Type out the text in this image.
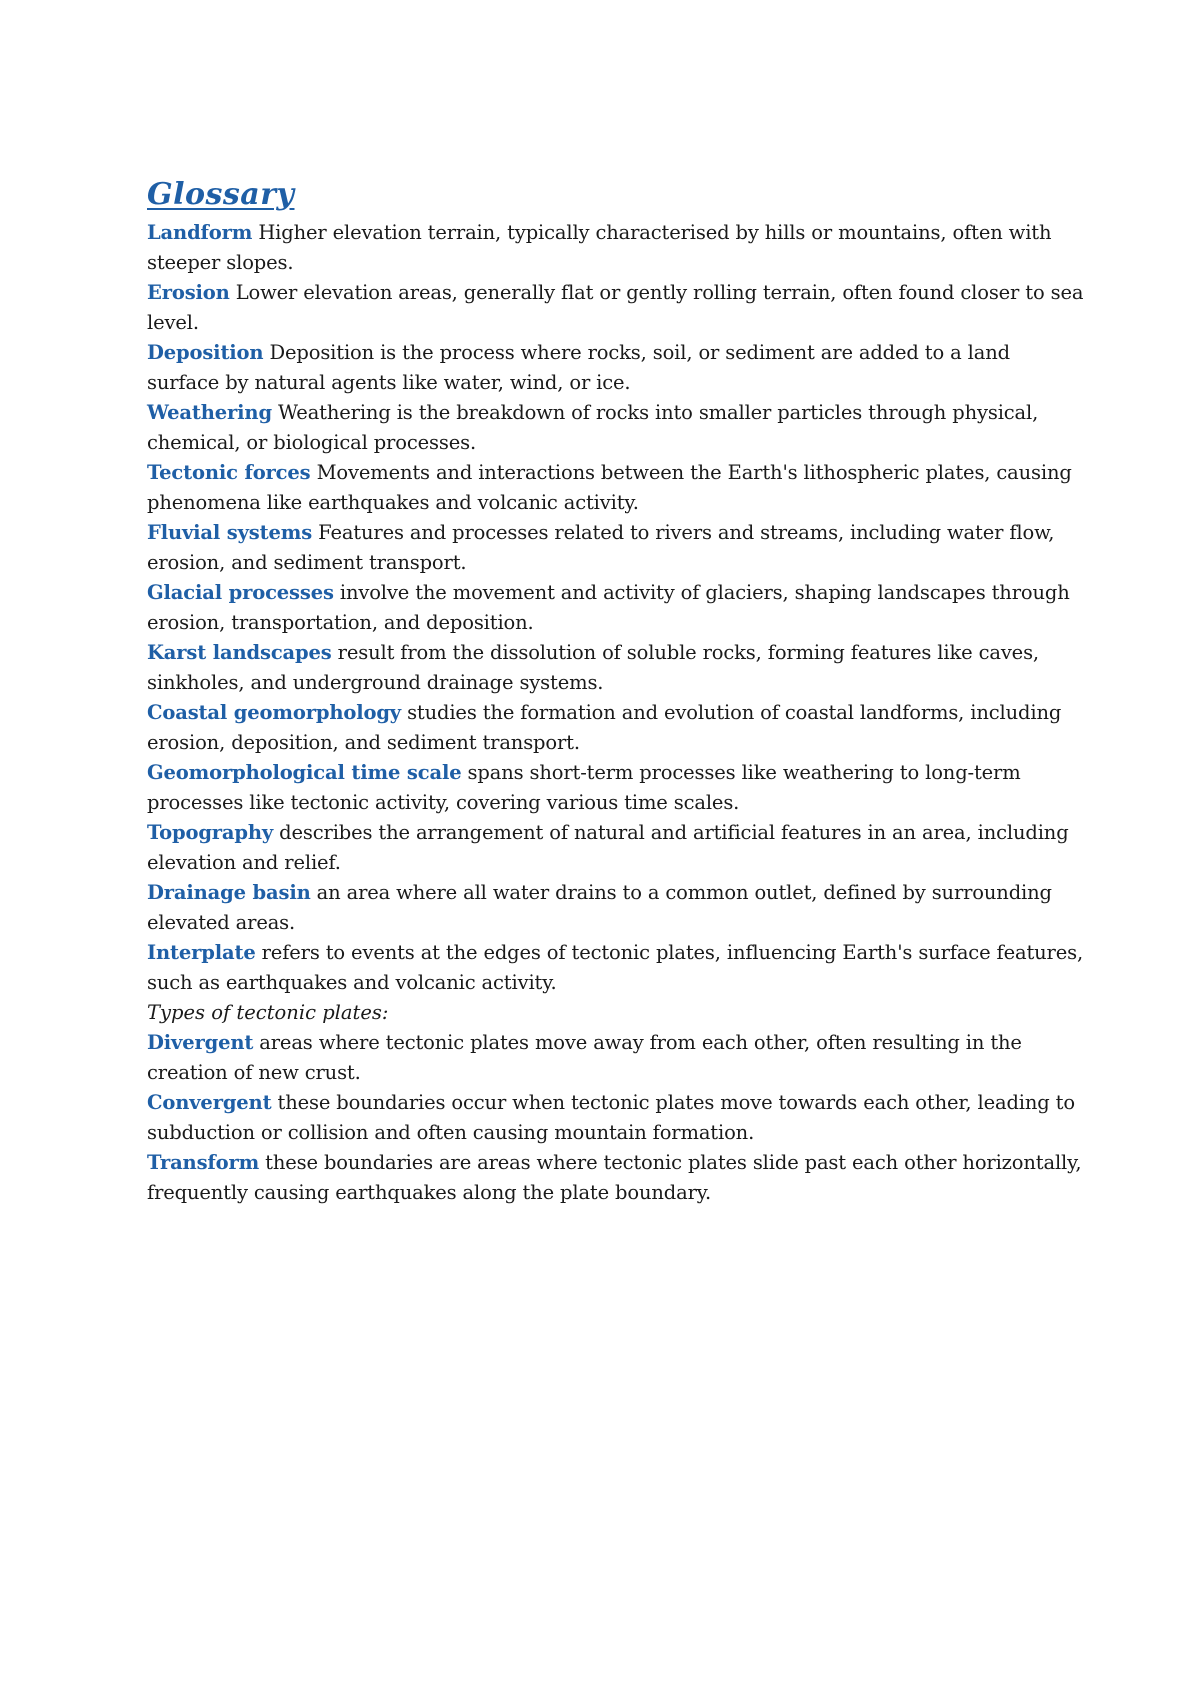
Glossary

Landform Higher elevation terrain, typically characterised by hills or mountains, often with steeper slopes.

Erosion Lower elevation areas, generally flat or gently rolling terrain, often found closer to sea level.

Deposition Deposition is the process where rocks, soil, or sediment are added to a land surface by natural agents like water, wind, or ice.

Weathering Weathering is the breakdown of rocks into smaller particles through physical, chemical, or biological processes.

Tectonic forces Movements and interactions between the Earth's lithospheric plates, causing phenomena like earthquakes and volcanic activity.

Fluvial systems Features and processes related to rivers and streams, including water flow, erosion, and sediment transport.

Glacial processes involve the movement and activity of glaciers, shaping landscapes through erosion, transportation, and deposition.

Karst landscapes result from the dissolution of soluble rocks, forming features like caves, sinkholes, and underground drainage systems.

Coastal geomorphology studies the formation and evolution of coastal landforms, including erosion, deposition, and sediment transport.

Geomorphological time scale spans short-term processes like weathering to long-term processes like tectonic activity, covering various time scales.

Topography describes the arrangement of natural and artificial features in an area, including elevation and relief.

Drainage basin an area where all water drains to a common outlet, defined by surrounding elevated areas.

Interplate refers to events at the edges of tectonic plates, influencing Earth's surface features, such as earthquakes and volcanic activity.

Types of tectonic plates:

Divergent areas where tectonic plates move away from each other, often resulting in the creation of new crust.

Convergent these boundaries occur when tectonic plates move towards each other, leading to subduction or collision and often causing mountain formation.

Transform these boundaries are areas where tectonic plates slide past each other horizontally, frequently causing earthquakes along the plate boundary.
